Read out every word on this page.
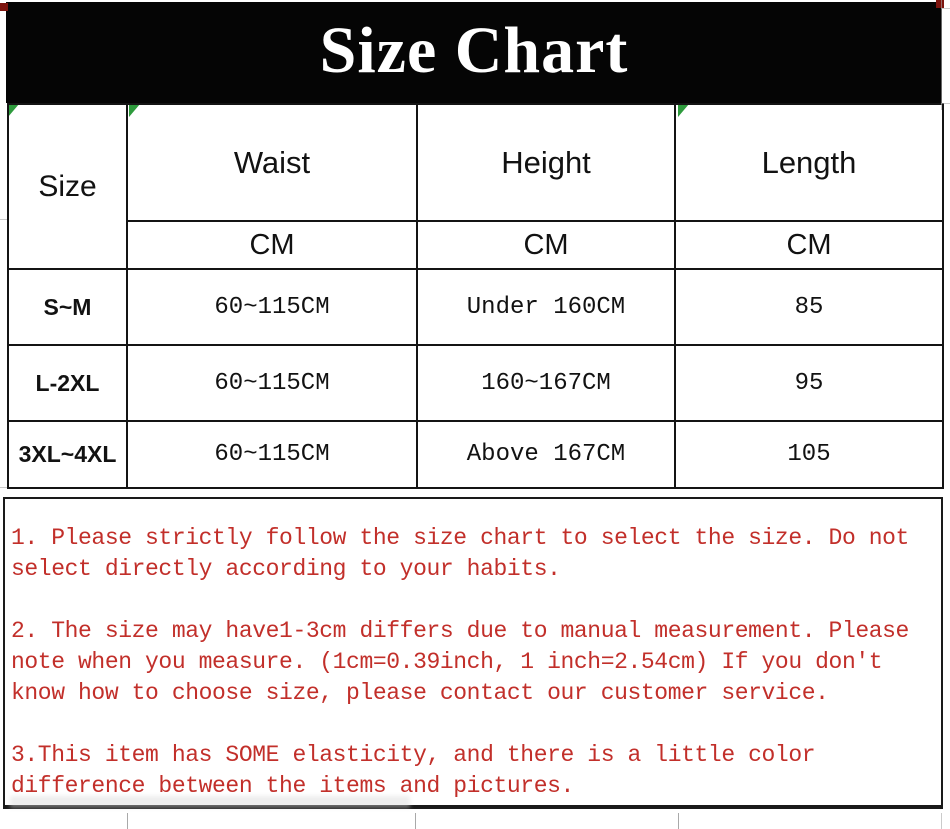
Size Chart
Size	Waist	Height	Length
	CM	CM	CM
S~M	60~115CM	Under 160CM	85
L-2XL	60~115CM	160~167CM	95
3XL~4XL	60~115CM	Above 167CM	105

1. Please strictly follow the size chart to select the size. Do not
select directly according to your habits.

2. The size may have1-3cm differs due to manual measurement. Please
note when you measure. (1cm=0.39inch, 1 inch=2.54cm) If you don't
know how to choose size, please contact our customer service.

3.This item has SOME elasticity, and there is a little color
difference between the items and pictures.
